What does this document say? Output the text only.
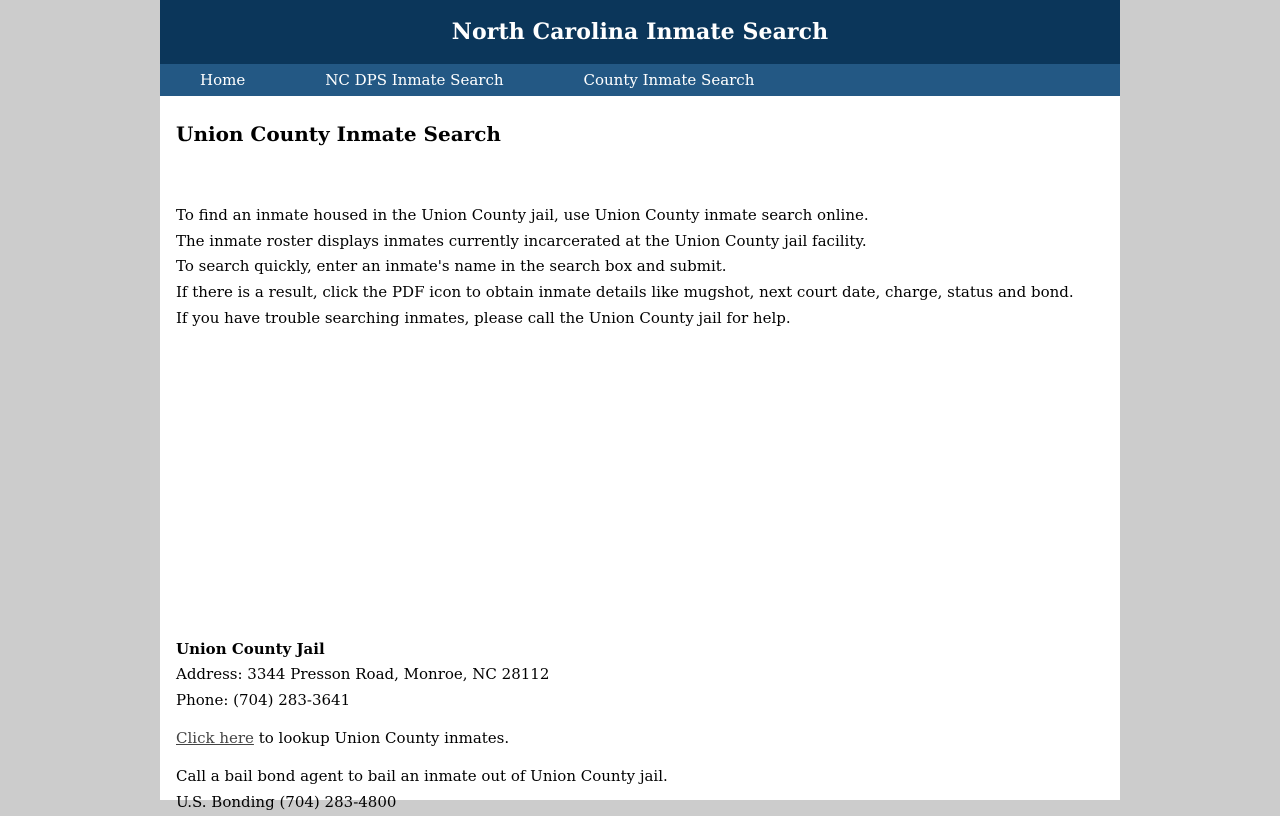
North Carolina Inmate Search
Home	NC DPS Inmate Search	County Inmate Search
Union County Inmate Search

To find an inmate housed in the Union County jail, use Union County inmate search online.

The inmate roster displays inmates currently incarcerated at the Union County jail facility.

To search quickly, enter an inmate's name in the search box and submit.

If there is a result, click the PDF icon to obtain inmate details like mugshot, next court date, charge, status and bond.

If you have trouble searching inmates, please call the Union County jail for help.

Union County Jail
Address: 3344 Presson Road, Monroe, NC 28112
Phone: (704) 283-3641

Click here to lookup Union County inmates.

Call a bail bond agent to bail an inmate out of Union County jail.
U.S. Bonding (704) 283-4800
